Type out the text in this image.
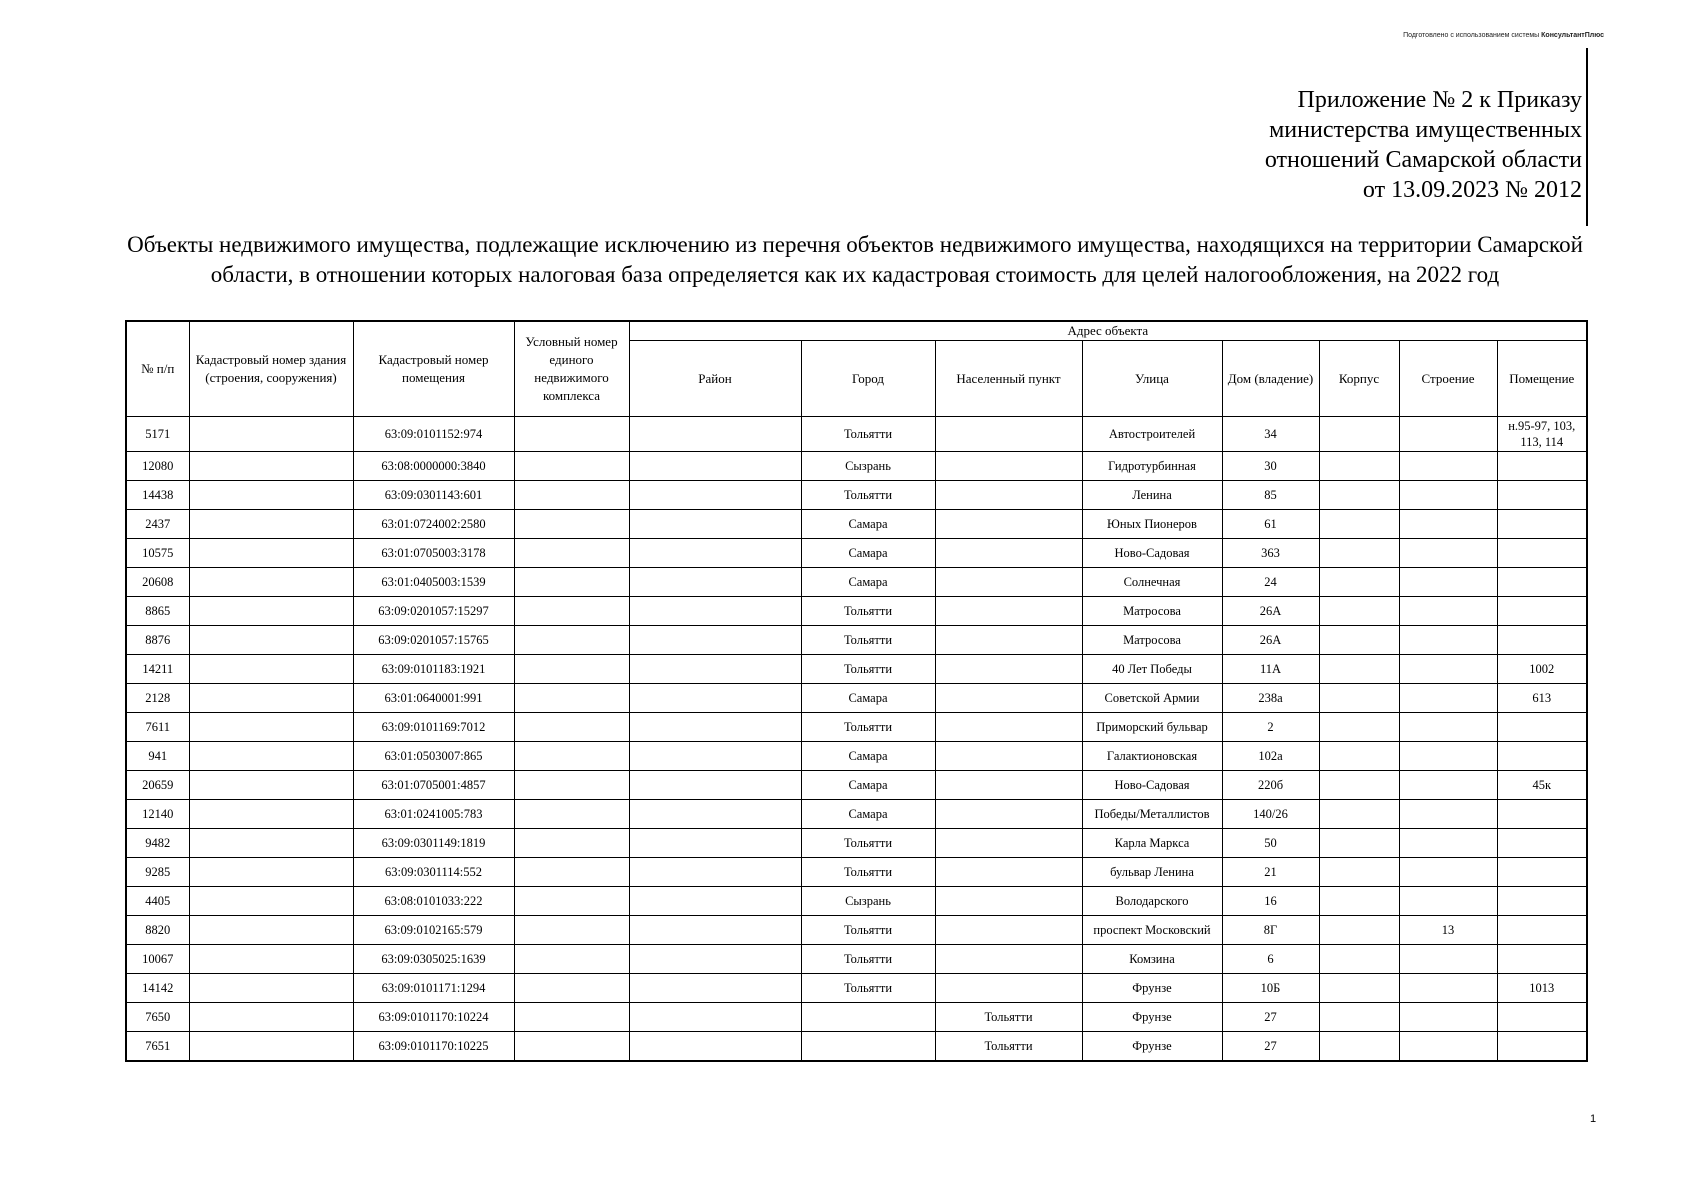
Подготовлено с использованием системы КонсультантПлюс
Приложение № 2 к Приказу
министерства имущественных
отношений Самарской области
от 13.09.2023 № 2012
Объекты недвижимого имущества, подлежащие исключению из перечня объектов недвижимого имущества, находящихся на территории Самарской области, в отношении которых налоговая база определяется как их кадастровая стоимость для целей налогообложения, на 2022 год
№ п/п	Кадастровый номер здания (строения, сооружения)	Кадастровый номер помещения	Условный номер единого недвижимого комплекса	Адрес объекта							
				Район	Город	Населенный пункт	Улица	Дом (владение)	Корпус	Строение	Помещение
5171		63:09:0101152:974			Тольятти		Автостроителей	34			н.95-97, 103, 113, 114
12080		63:08:0000000:3840			Сызрань		Гидротурбинная	30			
14438		63:09:0301143:601			Тольятти		Ленина	85			
2437		63:01:0724002:2580			Самара		Юных Пионеров	61			
10575		63:01:0705003:3178			Самара		Ново-Садовая	363			
20608		63:01:0405003:1539			Самара		Солнечная	24			
8865		63:09:0201057:15297			Тольятти		Матросова	26А			
8876		63:09:0201057:15765			Тольятти		Матросова	26А			
14211		63:09:0101183:1921			Тольятти		40 Лет Победы	11А			1002
2128		63:01:0640001:991			Самара		Советской Армии	238а			613
7611		63:09:0101169:7012			Тольятти		Приморский бульвар	2			
941		63:01:0503007:865			Самара		Галактионовская	102а			
20659		63:01:0705001:4857			Самара		Ново-Садовая	220б			45к
12140		63:01:0241005:783			Самара		Победы/Металлистов	140/26			
9482		63:09:0301149:1819			Тольятти		Карла Маркса	50			
9285		63:09:0301114:552			Тольятти		бульвар Ленина	21			
4405		63:08:0101033:222			Сызрань		Володарского	16			
8820		63:09:0102165:579			Тольятти		проспект Московский	8Г		13	
10067		63:09:0305025:1639			Тольятти		Комзина	6			
14142		63:09:0101171:1294			Тольятти		Фрунзе	10Б			1013
7650		63:09:0101170:10224				Тольятти	Фрунзе	27			
7651		63:09:0101170:10225				Тольятти	Фрунзе	27			
1
